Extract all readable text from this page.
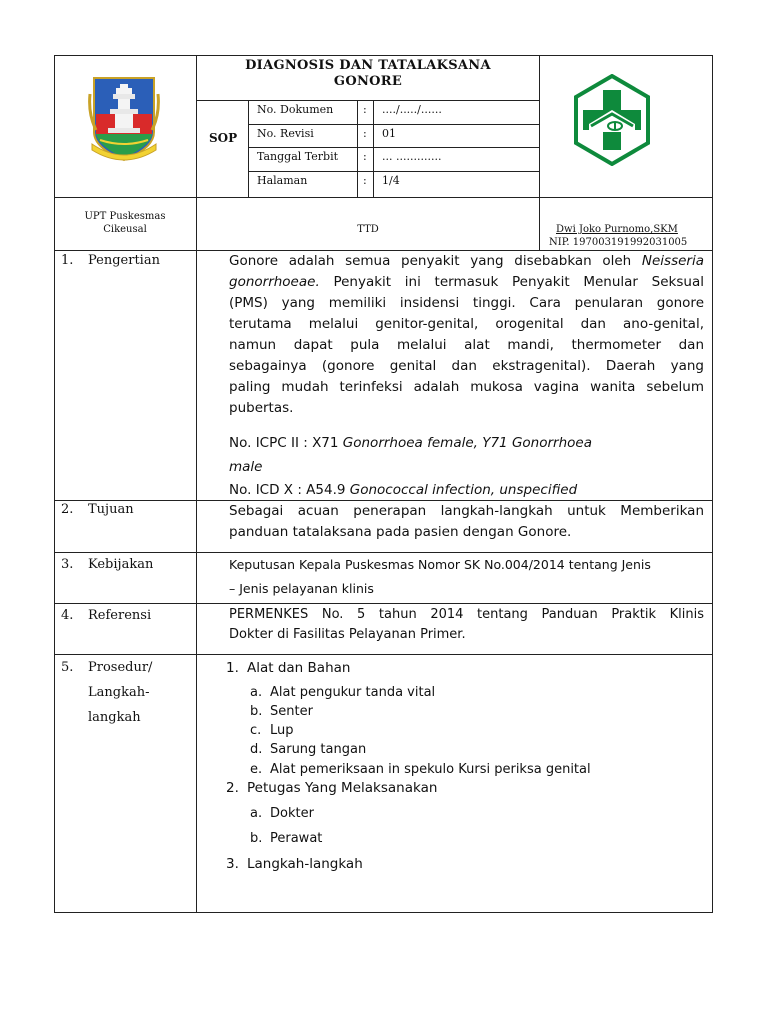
DIAGNOSIS DAN TATALAKSANA
GONORE
SOP
No. Dokumen	: ..../...../......
No. Revisi	: 01
Tanggal Terbit : ... .............
Halaman	: 1/4
UPT Puskesmas
Cikeusal	TTD	Dwi Joko Purnomo,SKM
NIP. 197003191992031005
1. Pengertian	Gonore adalah semua penyakit yang disebabkan oleh Neisseria
gonorrhoeae. Penyakit ini termasuk Penyakit Menular Seksual
(PMS) yang memiliki insidensi tinggi. Cara penularan gonore
terutama melalui genitor-genital, orogenital dan ano-genital,
namun dapat pula melalui alat mandi, thermometer dan
sebagainya (gonore genital dan ekstragenital). Daerah yang
paling mudah terinfeksi adalah mukosa vagina wanita sebelum
pubertas.
No. ICPC II : X71 Gonorrhoea female, Y71 Gonorrhoea
male
No. ICD X : A54.9 Gonococcal infection, unspecified
2. Tujuan	Sebagai acuan penerapan langkah-langkah untuk Memberikan
panduan tatalaksana pada pasien dengan Gonore.
3. Kebijakan	Keputusan Kepala Puskesmas Nomor SK No.004/2014 tentang Jenis
– Jenis pelayanan klinis
4. Referensi	PERMENKES No. 5 tahun 2014 tentang Panduan Praktik Klinis
Dokter di Fasilitas Pelayanan Primer.
5. Prosedur/
Langkah-
langkah
1. Alat dan Bahan
a. Alat pengukur tanda vital
b. Senter
c. Lup
d. Sarung tangan
e. Alat pemeriksaan in spekulo Kursi periksa genital
2. Petugas Yang Melaksanakan
a. Dokter
b. Perawat
3. Langkah-langkah
